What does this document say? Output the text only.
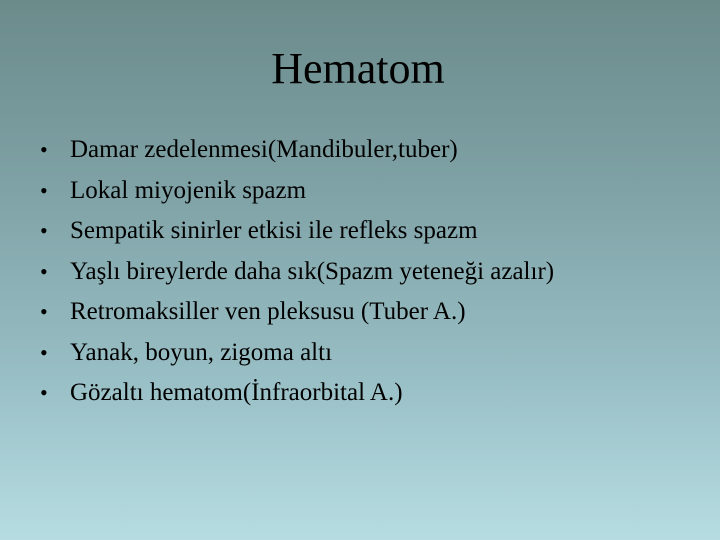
Hematom
• Damar zedelenmesi(Mandibuler,tuber)
• Lokal miyojenik spazm
• Sempatik sinirler etkisi ile refleks spazm
• Yaşlı bireylerde daha sık(Spazm yeteneği azalır)
• Retromaksiller ven pleksusu (Tuber A.)
• Yanak, boyun, zigoma altı
• Gözaltı hematom(İnfraorbital A.)
